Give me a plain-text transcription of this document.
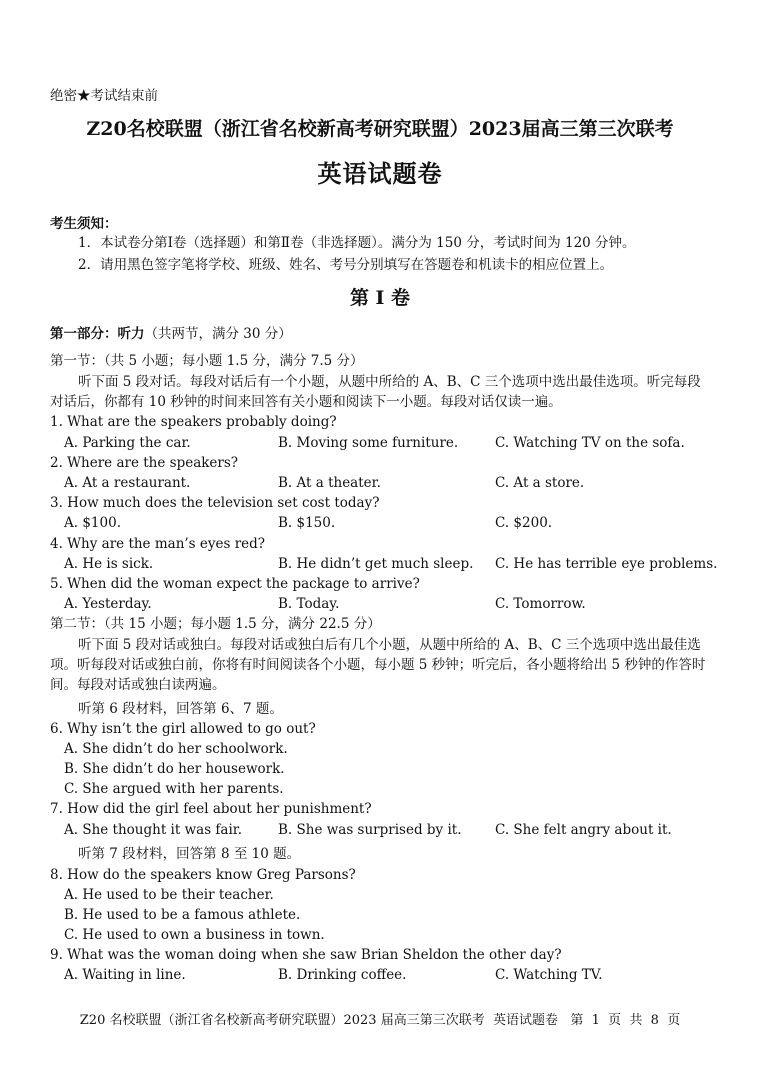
绝密★考试结束前
Z20名校联盟（浙江省名校新高考研究联盟）2023届高三第三次联考
英语试题卷
考生须知：
1．本试卷分第Ⅰ卷（选择题）和第Ⅱ卷（非选择题）。满分为 150 分，考试时间为 120 分钟。
2．请用黑色签字笔将学校、班级、姓名、考号分别填写在答题卷和机读卡的相应位置上。
第 I 卷
第一部分：听力（共两节，满分 30 分）
第一节：（共 5 小题；每小题 1.5 分，满分 7.5 分）
听下面 5 段对话。每段对话后有一个小题，从题中所给的 A、B、C 三个选项中选出最佳选项。听完每段对话后，你都有 10 秒钟的时间来回答有关小题和阅读下一小题。每段对话仅读一遍。
1. What are the speakers probably doing?
A. Parking the car.	B. Moving some furniture.	C. Watching TV on the sofa.
2. Where are the speakers?
A. At a restaurant.	B. At a theater.	C. At a store.
3. How much does the television set cost today?
A. $100.	B. $150.	C. $200.
4. Why are the man’s eyes red?
A. He is sick.	B. He didn’t get much sleep. C. He has terrible eye problems.
5. When did the woman expect the package to arrive?
A. Yesterday.	B. Today.	C. Tomorrow.
第二节：（共 15 小题；每小题 1.5 分，满分 22.5 分）
听下面 5 段对话或独白。每段对话或独白后有几个小题，从题中所给的 A、B、C 三个选项中选出最佳选项。听每段对话或独白前，你将有时间阅读各个小题，每小题 5 秒钟；听完后，各小题将给出 5 秒钟的作答时间。每段对话或独白读两遍。
听第 6 段材料，回答第 6、7 题。
6. Why isn’t the girl allowed to go out?
A. She didn’t do her schoolwork.
B. She didn’t do her housework.
C. She argued with her parents.
7. How did the girl feel about her punishment?
A. She thought it was fair.	B. She was surprised by it. C. She felt angry about it.
听第 7 段材料，回答第 8 至 10 题。
8. How do the speakers know Greg Parsons?
A. He used to be their teacher.
B. He used to be a famous athlete.
C. He used to own a business in town.
9. What was the woman doing when she saw Brian Sheldon the other day?
A. Waiting in line.	B. Drinking coffee.	C. Watching TV.
Z20 名校联盟（浙江省名校新高考研究联盟）2023 届高三第三次联考  英语试题卷   第  1  页  共  8  页
